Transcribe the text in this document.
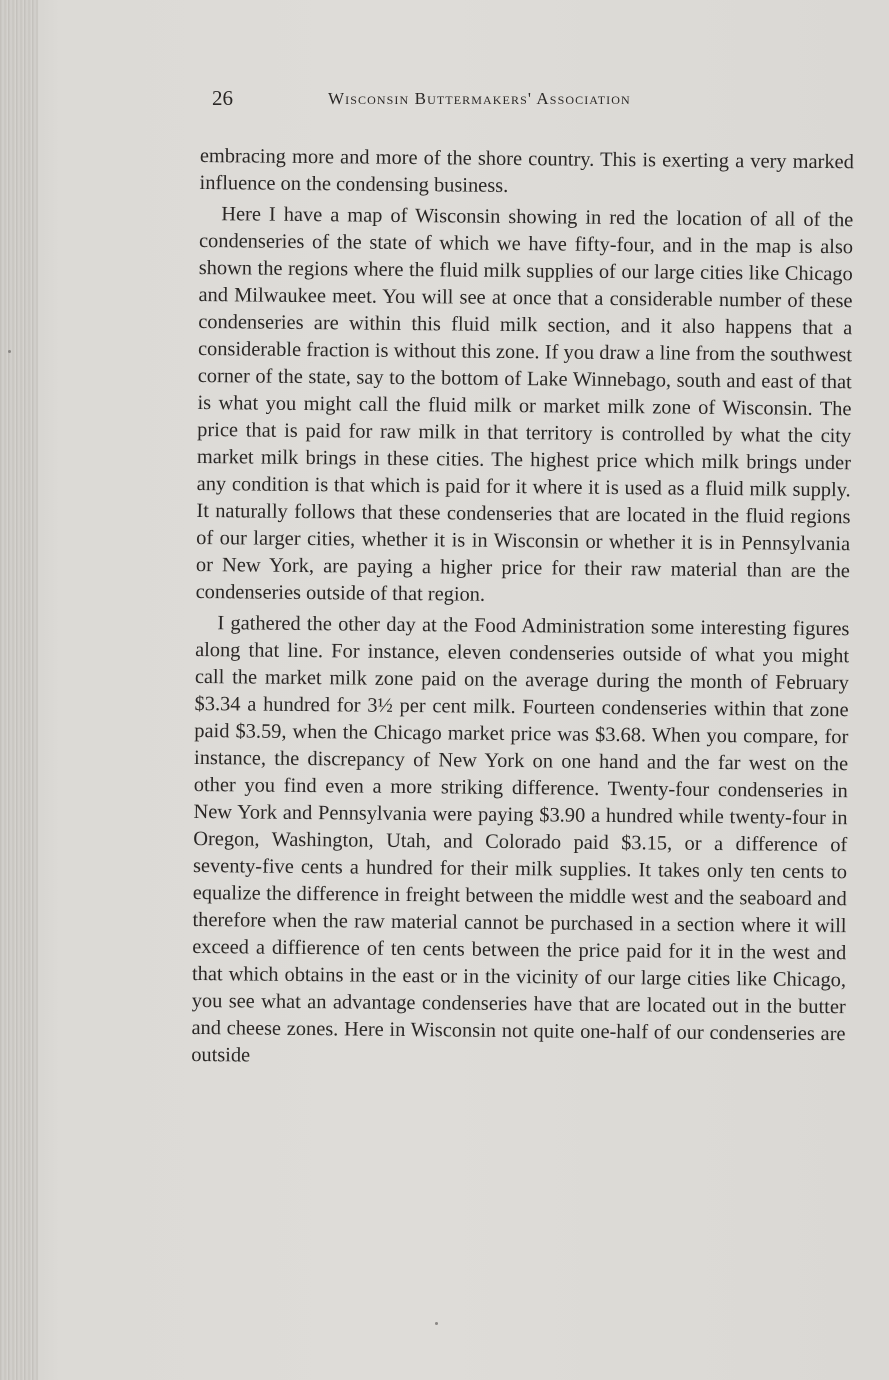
26	Wisconsin Buttermakers' Association

embracing more and more of the shore country. This is exerting a very marked influence on the condensing business.

Here I have a map of Wisconsin showing in red the location of all of the condenseries of the state of which we have fifty-four, and in the map is also shown the regions where the fluid milk supplies of our large cities like Chicago and Milwaukee meet. You will see at once that a considerable number of these condenseries are within this fluid milk section, and it also happens that a considerable fraction is without this zone. If you draw a line from the southwest corner of the state, say to the bottom of Lake Winnebago, south and east of that is what you might call the fluid milk or market milk zone of Wisconsin. The price that is paid for raw milk in that territory is controlled by what the city market milk brings in these cities. The highest price which milk brings under any condition is that which is paid for it where it is used as a fluid milk supply. It naturally follows that these condenseries that are located in the fluid regions of our larger cities, whether it is in Wisconsin or whether it is in Pennsylvania or New York, are paying a higher price for their raw material than are the condenseries outside of that region.

I gathered the other day at the Food Administration some interesting figures along that line. For instance, eleven condenseries outside of what you might call the market milk zone paid on the average during the month of February $3.34 a hundred for 3½ per cent milk. Fourteen condenseries within that zone paid $3.59, when the Chicago market price was $3.68. When you compare, for instance, the discrepancy of New York on one hand and the far west on the other you find even a more striking difference. Twenty-four condenseries in New York and Pennsylvania were paying $3.90 a hundred while twenty-four in Oregon, Washington, Utah, and Colorado paid $3.15, or a difference of seventy-five cents a hundred for their milk supplies. It takes only ten cents to equalize the difference in freight between the middle west and the seaboard and therefore when the raw material cannot be purchased in a section where it will exceed a diffierence of ten cents between the price paid for it in the west and that which obtains in the east or in the vicinity of our large cities like Chicago, you see what an advantage condenseries have that are located out in the butter and cheese zones. Here in Wisconsin not quite one-half of our condenseries are outside
